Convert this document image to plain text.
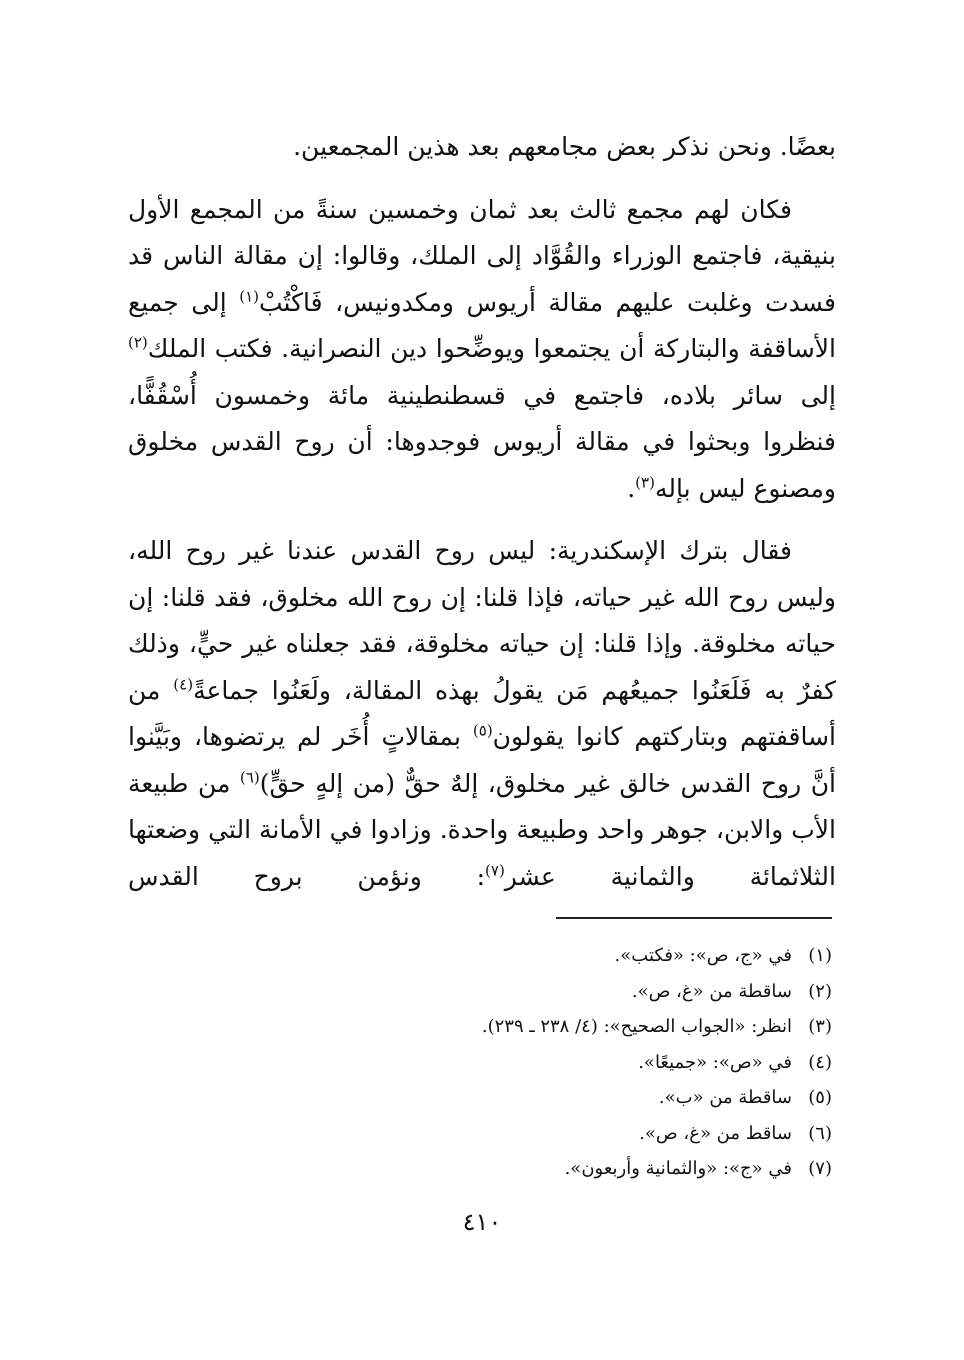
بعضًا. ونحن نذكر بعض مجامعهم بعد هذين المجمعين.

فكان لهم مجمع ثالث بعد ثمان وخمسين سنةً من المجمع الأول بنيقية، فاجتمع الوزراء والقُوَّاد إلى الملك، وقالوا: إن مقالة الناس قد فسدت وغلبت عليهم مقالة أريوس ومكدونيس، فَاكْتُبْ$^{(١)}$ إلى جميع الأساقفة والبتاركة أن يجتمعوا ويوضِّحوا دين النصرانية. فكتب الملك$^{(٢)}$ إلى سائر بلاده، فاجتمع في قسطنطينية مائة وخمسون أُسْقُفًّا، فنظروا وبحثوا في مقالة أريوس فوجدوها: أن روح القدس مخلوق ومصنوع ليس بإله$^{(٣)}$.

فقال بترك الإسكندرية: ليس روح القدس عندنا غير روح الله، وليس روح الله غير حياته، فإذا قلنا: إن روح الله مخلوق، فقد قلنا: إن حياته مخلوقة. وإذا قلنا: إن حياته مخلوقة، فقد جعلناه غير حيٍّ، وذلك كفرٌ به فَلَعَنُوا جميعُهم مَن يقولُ بهذه المقالة، ولَعَنُوا جماعةً$^{(٤)}$ من أساقفتهم وبتاركتهم كانوا يقولون$^{(٥)}$ بمقالاتٍ أُخَر لم يرتضوها، وبَيَّنوا أنَّ روح القدس خالق غير مخلوق، إلهٌ حقٌّ (من إلهٍ حقٍّ)$^{(٦)}$ من طبيعة الأب والابن، جوهر واحد وطبيعة واحدة. وزادوا في الأمانة التي وضعتها الثلاثمائة والثمانية عشر$^{(٧)}$: ونؤمن بروح القدس

(١)
في «ج، ص»: «فكتب».
(٢)
ساقطة من «غ، ص».
(٣)
انظر: «الجواب الصحيح»: (٤/ ٢٣٨ ـ ٢٣٩).
(٤)
في «ص»: «جميعًا».
(٥)
ساقطة من «ب».
(٦)
ساقط من «غ، ص».
(٧)
في «ج»: «والثمانية وأربعون».
٤١٠
